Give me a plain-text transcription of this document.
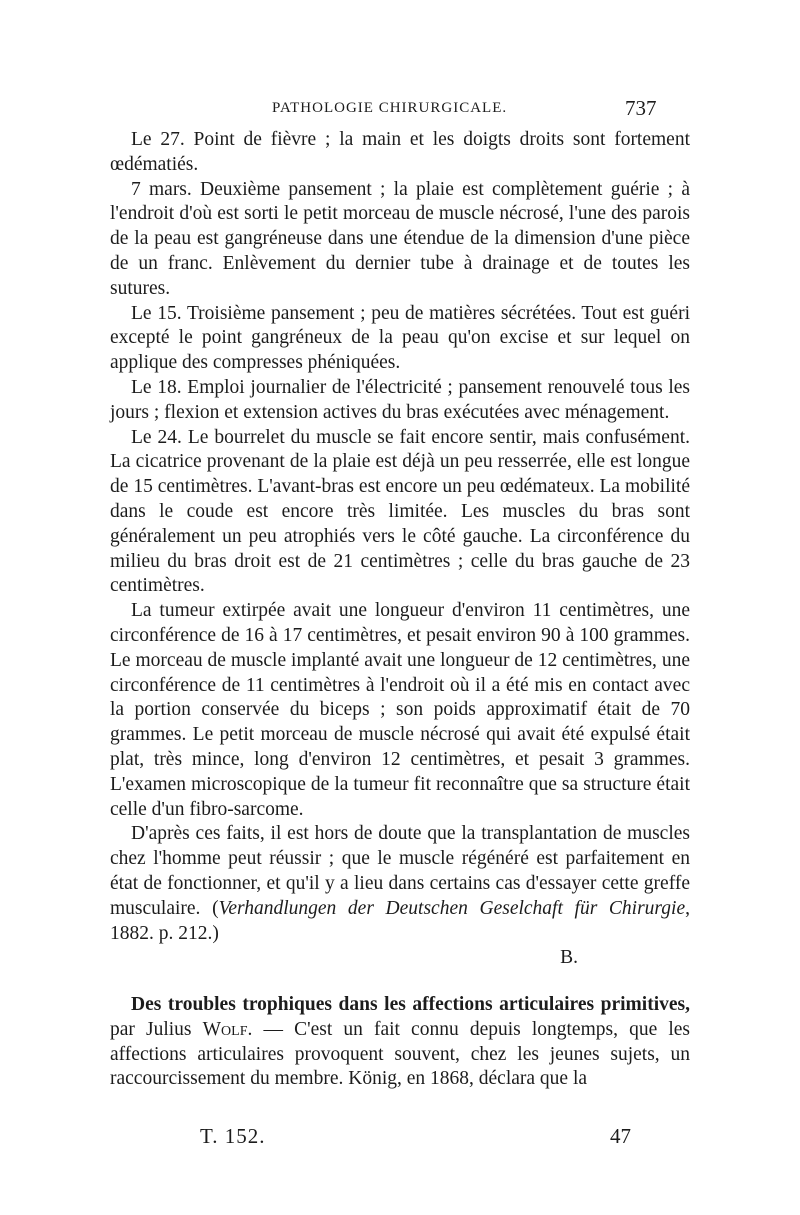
PATHOLOGIE CHIRURGICALE.	737

Le 27. Point de fièvre ; la main et les doigts droits sont fortement œdématiés.

7 mars. Deuxième pansement ; la plaie est complètement guérie ; à l'endroit d'où est sorti le petit morceau de muscle nécrosé, l'une des parois de la peau est gangréneuse dans une étendue de la dimension d'une pièce de un franc. Enlèvement du dernier tube à drainage et de toutes les sutures.

Le 15. Troisième pansement ; peu de matières sécrétées. Tout est guéri excepté le point gangréneux de la peau qu'on excise et sur lequel on applique des compresses phéniquées.

Le 18. Emploi journalier de l'électricité ; pansement renouvelé tous les jours ; flexion et extension actives du bras exécutées avec ménagement.

Le 24. Le bourrelet du muscle se fait encore sentir, mais confusément. La cicatrice provenant de la plaie est déjà un peu resserrée, elle est longue de 15 centimètres. L'avant-bras est encore un peu œdémateux. La mobilité dans le coude est encore très limitée. Les muscles du bras sont généralement un peu atrophiés vers le côté gauche. La circonférence du milieu du bras droit est de 21 centimètres ; celle du bras gauche de 23 centimètres.

La tumeur extirpée avait une longueur d'environ 11 centimètres, une circonférence de 16 à 17 centimètres, et pesait environ 90 à 100 grammes. Le morceau de muscle implanté avait une longueur de 12 centimètres, une circonférence de 11 centimètres à l'endroit où il a été mis en contact avec la portion conservée du biceps ; son poids approximatif était de 70 grammes. Le petit morceau de muscle nécrosé qui avait été expulsé était plat, très mince, long d'environ 12 centimètres, et pesait 3 grammes. L'examen microscopique de la tumeur fit reconnaître que sa structure était celle d'un fibro-sarcome.

D'après ces faits, il est hors de doute que la transplantation de muscles chez l'homme peut réussir ; que le muscle régénéré est parfaitement en état de fonctionner, et qu'il y a lieu dans certains cas d'essayer cette greffe musculaire. (Verhandlungen der Deutschen Geselchaft für Chirurgie, 1882. p. 212.)

B.

Des troubles trophiques dans les affections articulaires primitives, par Julius Wolf. — C'est un fait connu depuis longtemps, que les affections articulaires provoquent souvent, chez les jeunes sujets, un raccourcissement du membre. König, en 1868, déclara que la

T. 152.	47
